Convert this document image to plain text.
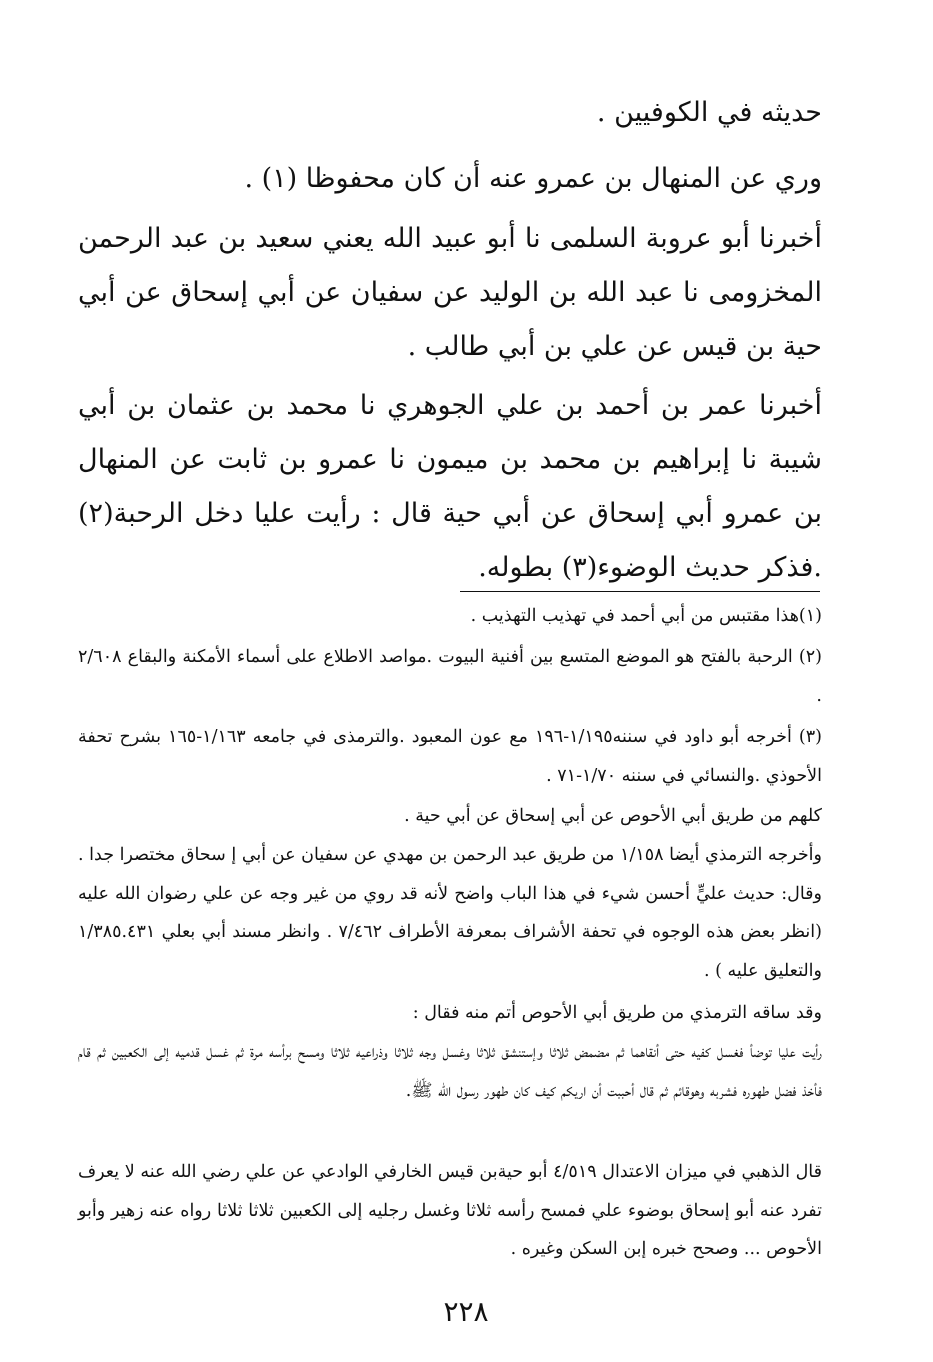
حديثه في الكوفيين .

وري عن المنهال بن عمرو عنه أن كان محفوظا (١) .

أخبرنا أبو عروبة السلمى نا أبو عبيد الله يعني سعيد بن عبد الرحمن المخزومى نا عبد الله بن الوليد عن سفيان عن أبي إسحاق عن أبي حية بن قيس عن علي بن أبي طالب .

أخبرنا عمر بن أحمد بن علي الجوهري نا محمد بن عثمان بن أبي شيبة نا إبراهيم بن محمد بن ميمون نا عمرو بن ثابت عن المنهال بن عمرو أبي إسحاق عن أبي حية قال : رأيت عليا دخل الرحبة(٢) .فذكر حديث الوضوء(٣) بطوله.

(١)هذا مقتبس من أبي أحمد في تهذيب التهذيب .

(٢) الرحبة بالفتح هو الموضع المتسع بين أفنية البيوت .مواصد الاطلاع على أسماء الأمكنة والبقاع ٢/٦٠٨ .

(٣) أخرجه أبو داود في سننه١/١٩٥-١٩٦ مع عون المعبود .والترمذى في جامعه ١/١٦٣-١٦٥ بشرح تحفة الأحوذي .والنسائي في سننه ١/٧٠-٧١ .

كلهم من طريق أبي الأحوص عن أبي إسحاق عن أبي حية .

وأخرجه الترمذي أيضا ١/١٥٨ من طريق عبد الرحمن بن مهدي عن سفيان عن أبي إ سحاق مختصرا جدا . وقال: حديث عليٍّ أحسن شيء في هذا الباب واضح لأنه قد روي من غير وجه عن علي رضوان الله عليه (انظر بعض هذه الوجوه في تحفة الأشراف بمعرفة الأطراف ٧/٤٦٢ . وانظر مسند أبي بعلي ١/٣٨٥.٤٣١ والتعليق عليه ) .

وقد ساقه الترمذي من طريق أبي الأحوص أتم منه فقال :

رأيت عليا توضأ فغسل كفيه حتى أنقاهما ثم مضمض ثلاثا وإستنشق ثلاثا وغسل وجه ثلاثا وذراعيه ثلاثا ومسح برأسه مرة ثم غسل قدميه إلى الكعبين ثم قام فأخذ فضل طهوره فشربه وهوقائم ثم قال أحببت أن اريكم كيف كان طهور رسول الله ﷺ.

قال الذهبي في ميزان الاعتدال ٤/٥١٩ أبو حيةبن قيس الخارفي الوادعي عن علي رضي الله عنه لا يعرف تفرد عنه أبو إسحاق بوضوء علي فمسح رأسه ثلاثا وغسل رجليه إلى الكعبين ثلاثا ثلاثا رواه عنه زهير وأبو الأحوص ... وصحح خبره إبن السكن وغيره .

٢٢٨
